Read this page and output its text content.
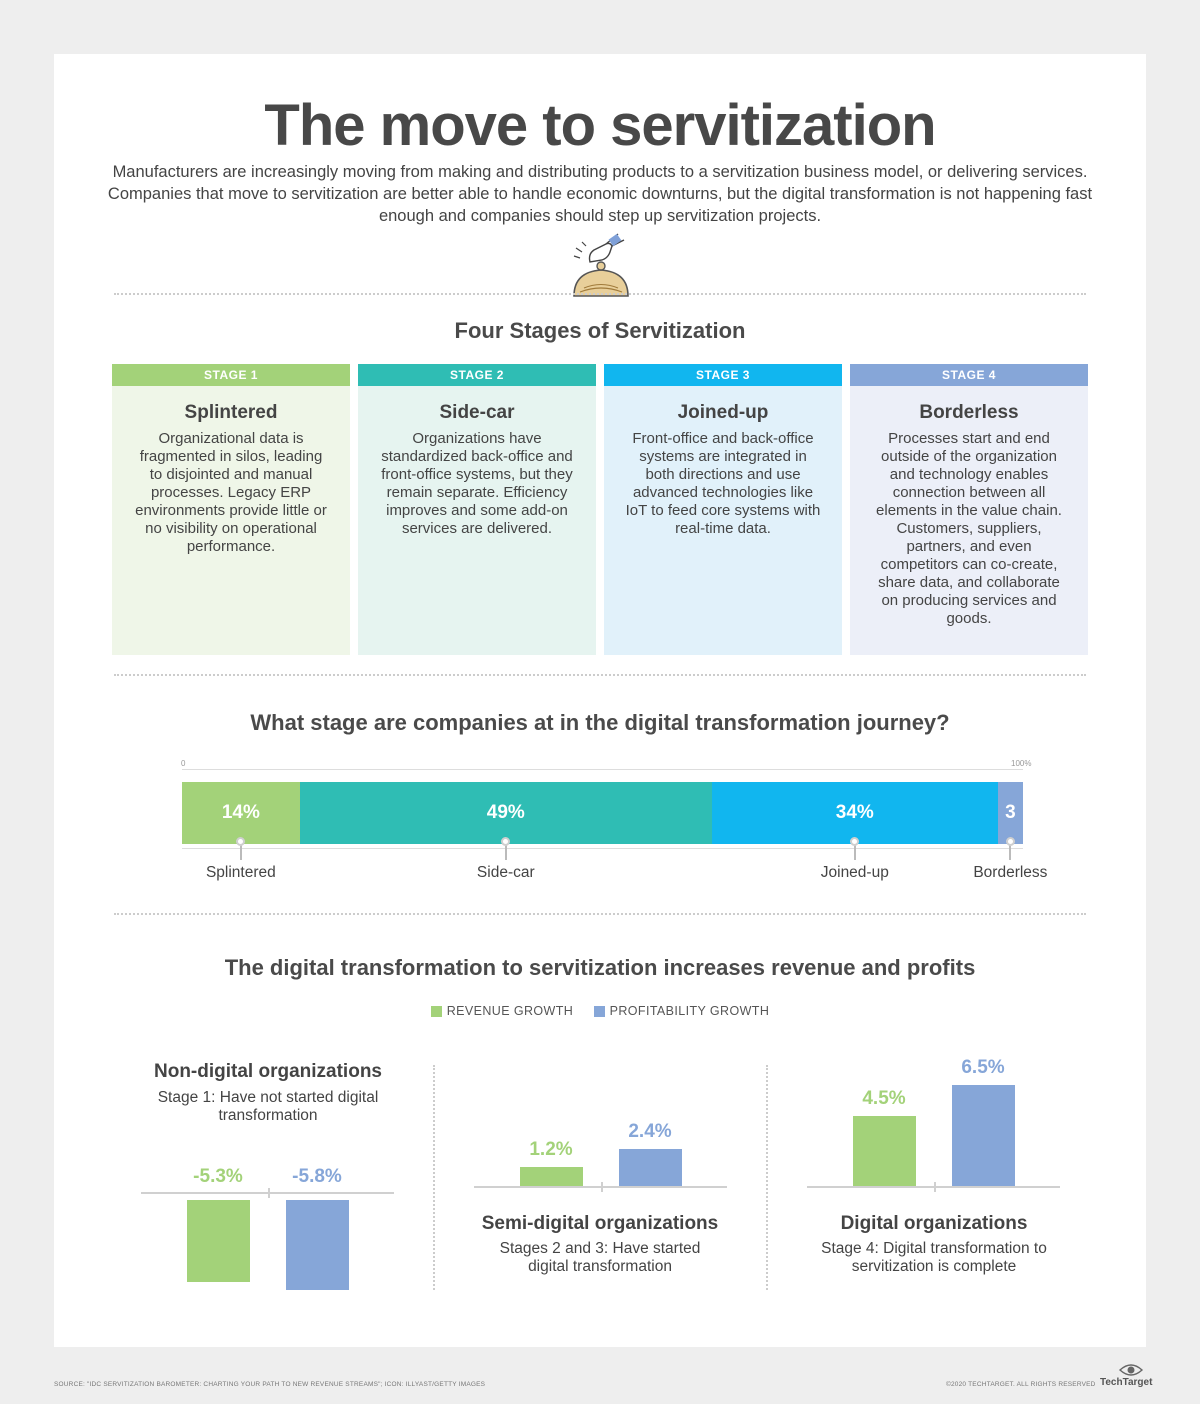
The move to servitization

Manufacturers are increasingly moving from making and distributing products to a servitization business model, or delivering services. Companies that move to servitization are better able to handle economic downturns, but the digital transformation is not happening fast enough and companies should step up servitization projects.

Four Stages of Servitization
STAGE 1
Splintered
Organizational data is fragmented in silos, leading to disjointed and manual processes. Legacy ERP environments provide little or no visibility on operational performance.
STAGE 2
Side-car
Organizations have standardized back-office and front-office systems, but they remain separate. Efficiency improves and some add-on services are delivered.
STAGE 3
Joined-up
Front-office and back-office systems are integrated in both directions and use advanced technologies like IoT to feed core systems with real-time data.
STAGE 4
Borderless
Processes start and end outside of the organization and technology enables connection between all elements in the value chain. Customers, suppliers, partners, and even competitors can co-create, share data, and collaborate on producing services and goods.
What stage are companies at in the digital transformation journey?
0	100%
14%
Splintered
49%
Side-car
34%
Joined-up
3
Borderless
The digital transformation to servitization increases revenue and profits
REVENUE GROWTH	PROFITABILITY GROWTH
Non-digital organizations
Stage 1: Have not started digital transformation
Semi-digital organizations
Stages 2 and 3: Have started digital transformation
Digital organizations
Stage 4: Digital transformation to servitization is complete
-5.3%	-5.8%
1.2%
2.4%
4.5%
6.5%
SOURCE: "IDC SERVITIZATION BAROMETER: CHARTING YOUR PATH TO NEW REVENUE STREAMS"; ICON: ILLYAST/GETTY IMAGES	©2020 TECHTARGET. ALL RIGHTS RESERVED TechTarget
